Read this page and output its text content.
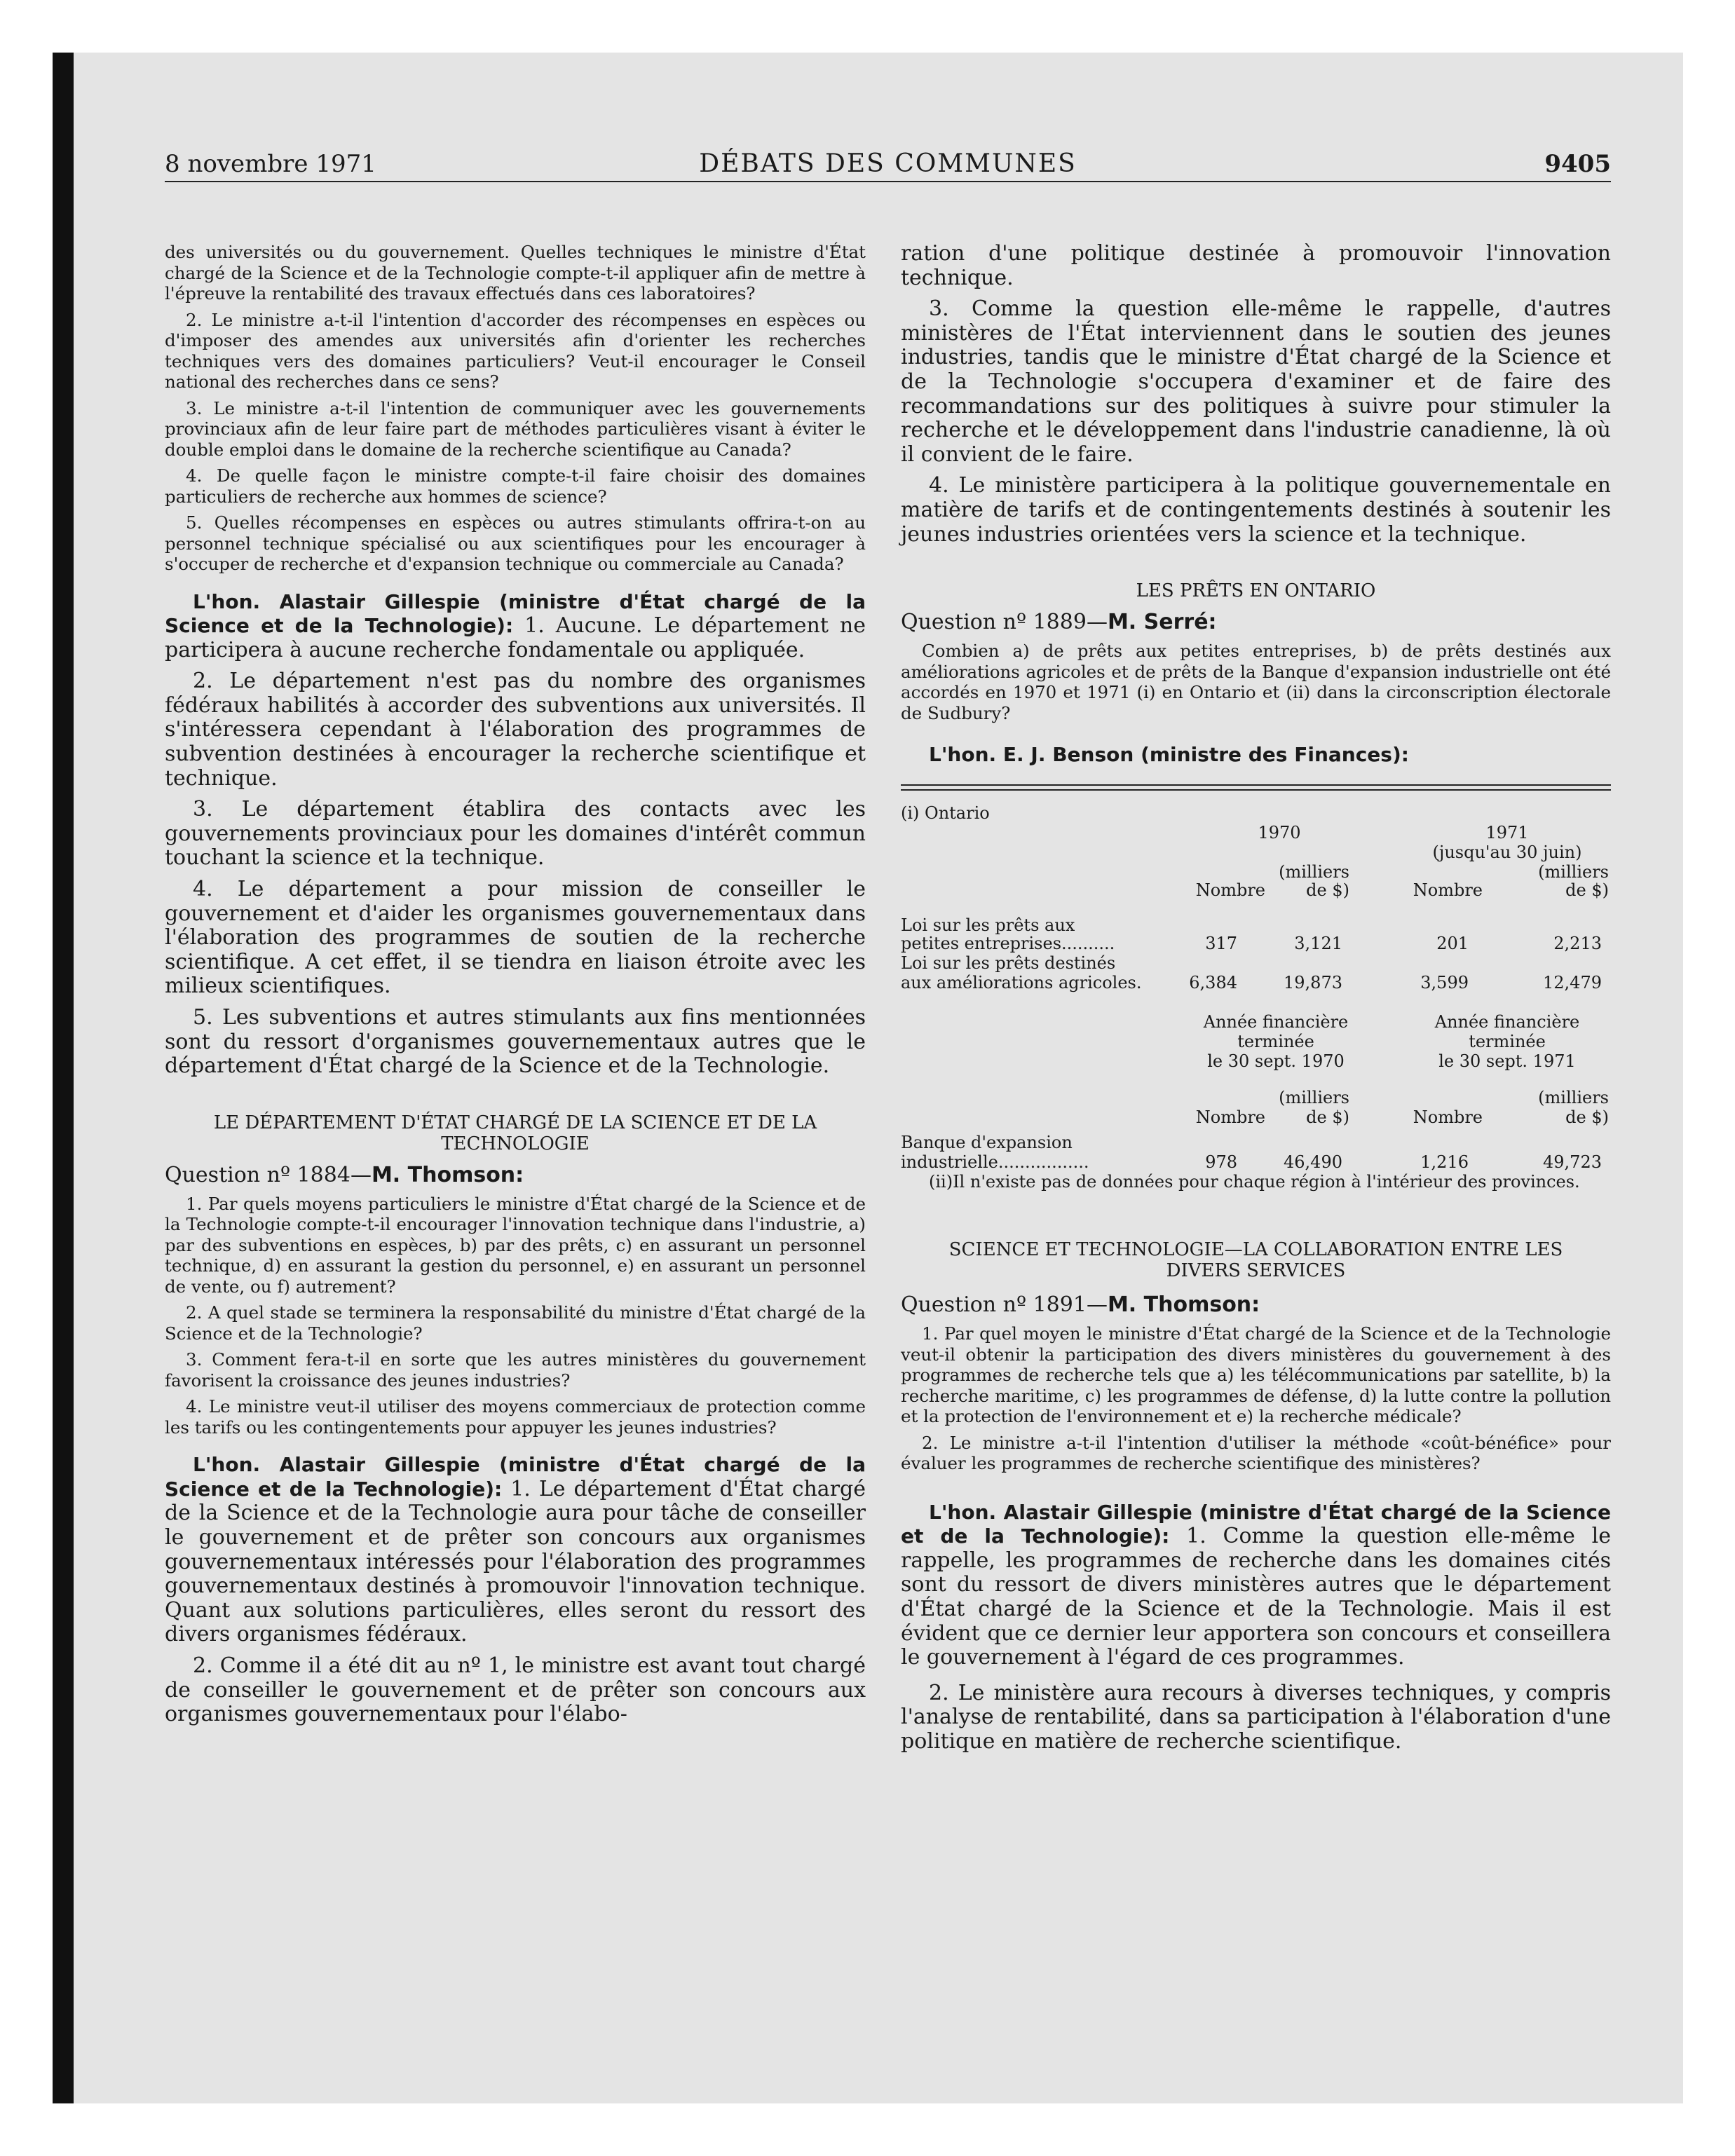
8 novembre 1971	DÉBATS DES COMMUNES	9405

des universités ou du gouvernement. Quelles techniques le ministre d'État chargé de la Science et de la Technologie compte-t-il appliquer afin de mettre à l'épreuve la rentabilité des travaux effectués dans ces laboratoires?

2. Le ministre a-t-il l'intention d'accorder des récompenses en espèces ou d'imposer des amendes aux universités afin d'orienter les recherches techniques vers des domaines particuliers? Veut-il encourager le Conseil national des recherches dans ce sens?

3. Le ministre a-t-il l'intention de communiquer avec les gouvernements provinciaux afin de leur faire part de méthodes particulières visant à éviter le double emploi dans le domaine de la recherche scientifique au Canada?

4. De quelle façon le ministre compte-t-il faire choisir des domaines particuliers de recherche aux hommes de science?

5. Quelles récompenses en espèces ou autres stimulants offrira-t-on au personnel technique spécialisé ou aux scientifiques pour les encourager à s'occuper de recherche et d'expansion technique ou commerciale au Canada?

L'hon. Alastair Gillespie (ministre d'État chargé de la Science et de la Technologie): 1. Aucune. Le département ne participera à aucune recherche fondamentale ou appliquée.

2. Le département n'est pas du nombre des organismes fédéraux habilités à accorder des subventions aux universités. Il s'intéressera cependant à l'élaboration des programmes de subvention destinées à encourager la recherche scientifique et technique.

3. Le département établira des contacts avec les gouvernements provinciaux pour les domaines d'intérêt commun touchant la science et la technique.

4. Le département a pour mission de conseiller le gouvernement et d'aider les organismes gouvernementaux dans l'élaboration des programmes de soutien de la recherche scientifique. A cet effet, il se tiendra en liaison étroite avec les milieux scientifiques.

5. Les subventions et autres stimulants aux fins mentionnées sont du ressort d'organismes gouvernementaux autres que le département d'État chargé de la Science et de la Technologie.

LE DÉPARTEMENT D'ÉTAT CHARGÉ DE LA SCIENCE ET DE LA TECHNOLOGIE
Question nº 1884—M. Thomson:

1. Par quels moyens particuliers le ministre d'État chargé de la Science et de la Technologie compte-t-il encourager l'innovation technique dans l'industrie, a) par des subventions en espèces, b) par des prêts, c) en assurant un personnel technique, d) en assurant la gestion du personnel, e) en assurant un personnel de vente, ou f) autrement?

2. A quel stade se terminera la responsabilité du ministre d'État chargé de la Science et de la Technologie?

3. Comment fera-t-il en sorte que les autres ministères du gouvernement favorisent la croissance des jeunes industries?

4. Le ministre veut-il utiliser des moyens commerciaux de protection comme les tarifs ou les contingentements pour appuyer les jeunes industries?

L'hon. Alastair Gillespie (ministre d'État chargé de la Science et de la Technologie): 1. Le département d'État chargé de la Science et de la Technologie aura pour tâche de conseiller le gouvernement et de prêter son concours aux organismes gouvernementaux intéressés pour l'élaboration des programmes gouvernementaux destinés à promouvoir l'innovation technique. Quant aux solutions particulières, elles seront du ressort des divers organismes fédéraux.

2. Comme il a été dit au nº 1, le ministre est avant tout chargé de conseiller le gouvernement et de prêter son concours aux organismes gouvernementaux pour l'élabo-

ration d'une politique destinée à promouvoir l'innovation technique.

3. Comme la question elle-même le rappelle, d'autres ministères de l'État interviennent dans le soutien des jeunes industries, tandis que le ministre d'État chargé de la Science et de la Technologie s'occupera d'examiner et de faire des recommandations sur des politiques à suivre pour stimuler la recherche et le développement dans l'industrie canadienne, là où il convient de le faire.

4. Le ministère participera à la politique gouvernementale en matière de tarifs et de contingentements destinés à soutenir les jeunes industries orientées vers la science et la technique.

LES PRÊTS EN ONTARIO
Question nº 1889—M. Serré:

Combien a) de prêts aux petites entreprises, b) de prêts destinés aux améliorations agricoles et de prêts de la Banque d'expansion industrielle ont été accordés en 1970 et 1971 (i) en Ontario et (ii) dans la circonscription électorale de Sudbury?

L'hon. E. J. Benson (ministre des Finances):
(i) Ontario
1970	1971
(jusqu'au 30 juin)
(milliers	(milliers
Nombre	de $)	Nombre	de $)
Loi sur les prêts aux
petites entreprises..........	317	3,121	201	2,213
Loi sur les prêts destinés
aux améliorations agricoles.	6,384	19,873	3,599	12,479
Année financière
terminée
le 30 sept. 1970
Année financière
terminée
le 30 sept. 1971
(milliers	(milliers
Nombre	de $)	Nombre	de $)
Banque d'expansion
industrielle.................	978	46,490	1,216	49,723
(ii)Il n'existe pas de données pour chaque région à l'intérieur des provinces.
SCIENCE ET TECHNOLOGIE—LA COLLABORATION ENTRE LES DIVERS SERVICES
Question nº 1891—M. Thomson:

1. Par quel moyen le ministre d'État chargé de la Science et de la Technologie veut-il obtenir la participation des divers ministères du gouvernement à des programmes de recherche tels que a) les télécommunications par satellite, b) la recherche maritime, c) les programmes de défense, d) la lutte contre la pollution et la protection de l'environnement et e) la recherche médicale?

2. Le ministre a-t-il l'intention d'utiliser la méthode «coût-bénéfice» pour évaluer les programmes de recherche scientifique des ministères?

L'hon. Alastair Gillespie (ministre d'État chargé de la Science et de la Technologie): 1. Comme la question elle-même le rappelle, les programmes de recherche dans les domaines cités sont du ressort de divers ministères autres que le département d'État chargé de la Science et de la Technologie. Mais il est évident que ce dernier leur apportera son concours et conseillera le gouvernement à l'égard de ces programmes.

2. Le ministère aura recours à diverses techniques, y compris l'analyse de rentabilité, dans sa participation à l'élaboration d'une politique en matière de recherche scientifique.
